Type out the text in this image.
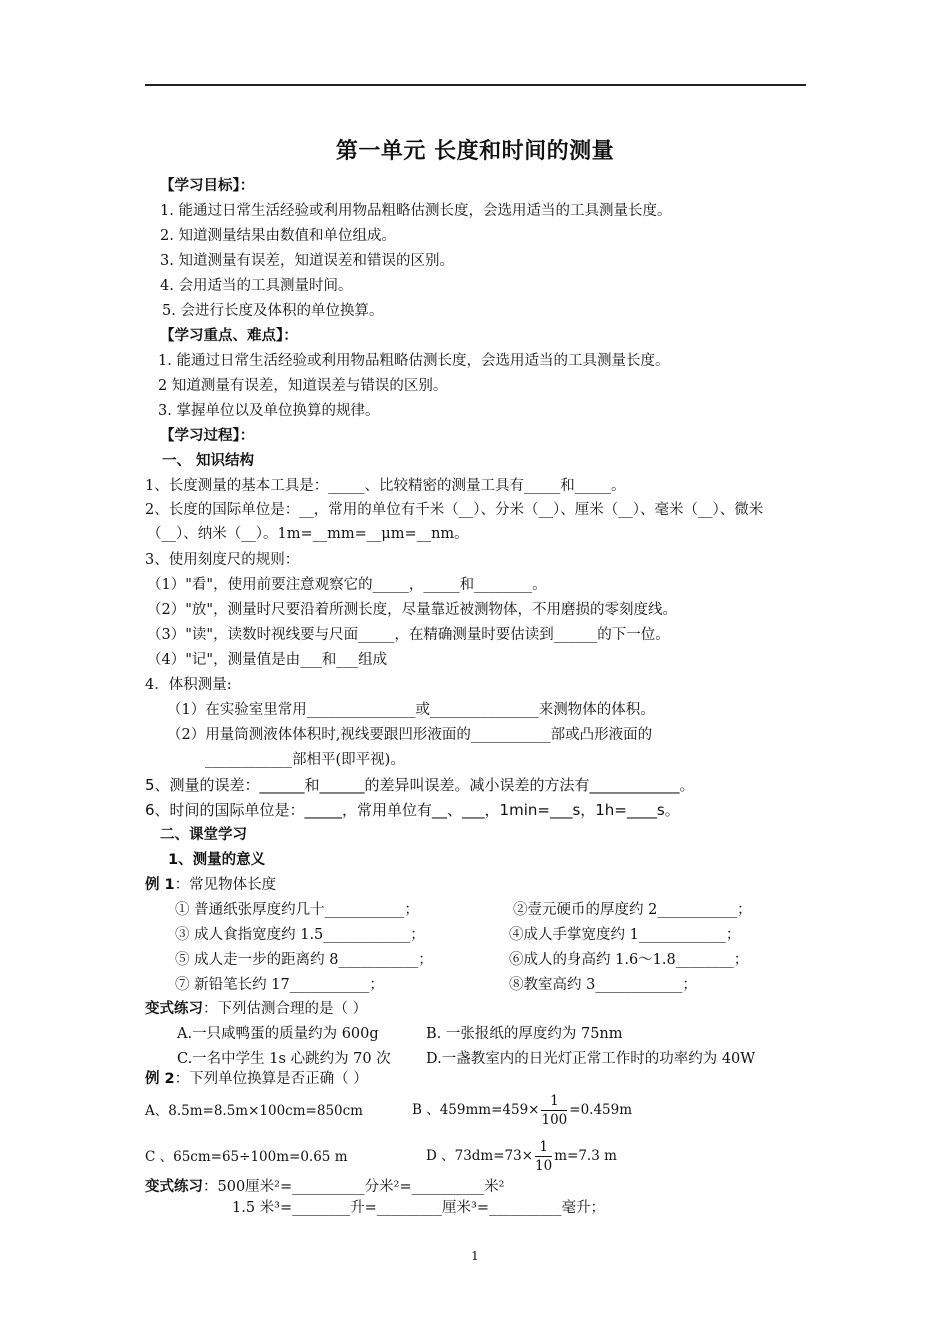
第一单元 长度和时间的测量
【学习目标】：
1. 能通过日常生活经验或利用物品粗略估测长度，会选用适当的工具测量长度。
2. 知道测量结果由数值和单位组成。
3. 知道测量有误差，知道误差和错误的区别。
4. 会用适当的工具测量时间。
5. 会进行长度及体积的单位换算。
【学习重点、难点】：
1. 能通过日常生活经验或利用物品粗略估测长度，会选用适当的工具测量长度。
2 知道测量有误差，知道误差与错误的区别。
3. 掌握单位以及单位换算的规律。
【学习过程】：
一、 知识结构
1、长度测量的基本工具是：_____、比较精密的测量工具有_____和_____。
2、长度的国际单位是：__，常用的单位有千米（__）、分米（__）、厘米（__）、毫米（__）、微米
（__）、纳米（__）。1m=__mm=__μm=__nm。
3、使用刻度尺的规则：
（1）"看"，使用前要注意观察它的_____，_____和________。
（2）"放"，测量时尺要沿着所测长度，尽量靠近被测物体，不用磨损的零刻度线。
（3）"读"，读数时视线要与尺面_____，在精确测量时要估读到______的下一位。
（4）"记"，测量值是由___和___组成
4．体积测量:
（1）在实验室里常用_______________或_______________来测物体的体积。
（2）用量筒测液体体积时,视线要跟凹形液面的___________部或凸形液面的
____________部相平(即平视)。
5、测量的误差：______和______的差异叫误差。减小误差的方法有____________。
6、时间的国际单位是：_____，常用单位有__、___，1min=___s，1h=____s。
二、课堂学习
1、测量的意义
例 1：常见物体长度
① 普通纸张厚度约几十___________；	②壹元硬币的厚度约 2___________；
③ 成人食指宽度约 1.5____________；	④成人手掌宽度约 1____________；
⑤ 成人走一步的距离约 8___________；	⑥成人的身高约 1.6～1.8________；
⑦ 新铅笔长约 17___________；	⑧教室高约 3____________；
变式练习：下列估测合理的是（ ）
A.一只咸鸭蛋的质量约为 600g	B. 一张报纸的厚度约为 75nm
C.一名中学生 1s 心跳约为 70 次 D.一盏教室内的日光灯正常工作时的功率约为 40W
例 2：下列单位换算是否正确（ ）
A、8.5m=8.5m×100cm=850cm	B 、$459mm=459\times \frac{1}{100} =0.459m$
C 、65cm=65÷100m=0.65 m	D 、$73dm=73\times \frac{1}{10} m=7.3$ m
变式练习：500厘米²=__________分米²=__________米²
1.5 米³=________升=_________厘米³=__________毫升；
1
